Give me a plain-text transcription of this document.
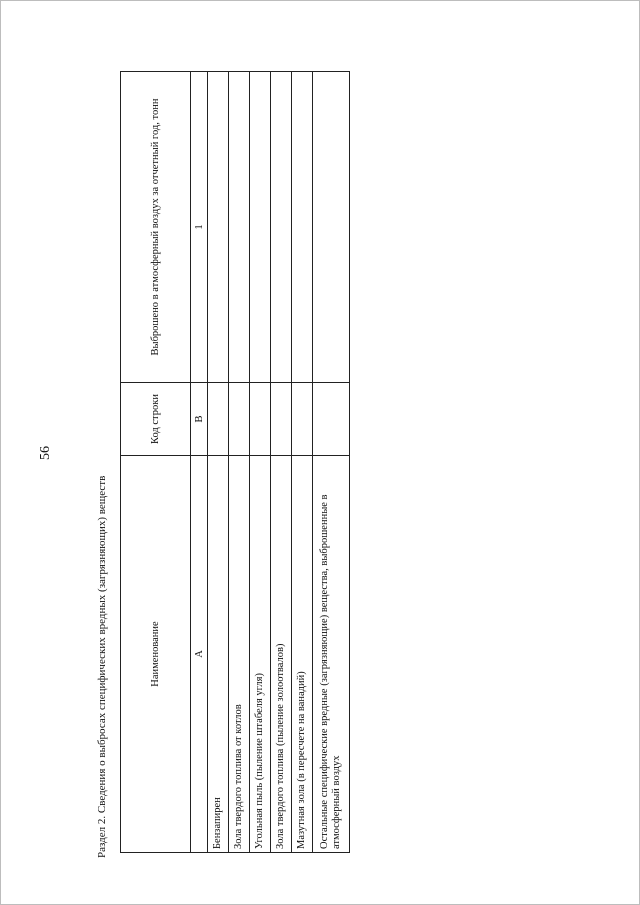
56
Раздел 2. Сведения о выбросах специфических вредных (загрязняющих) веществ	Наименование	Код строки	Выброшено в атмосферный воздух за отчетный год, тонн
А	В	1
Бензапирен		
Зола твердого топлива от котлов		
Угольная пыль (пыление штабеля угля)		
Зола твердого топлива (пыление золоотвалов)		
Мазутная зола (в пересчете на ванадий)		
Остальные специфические вредные (загрязняющие) вещества, выброшенные в атмосферный воздух		
